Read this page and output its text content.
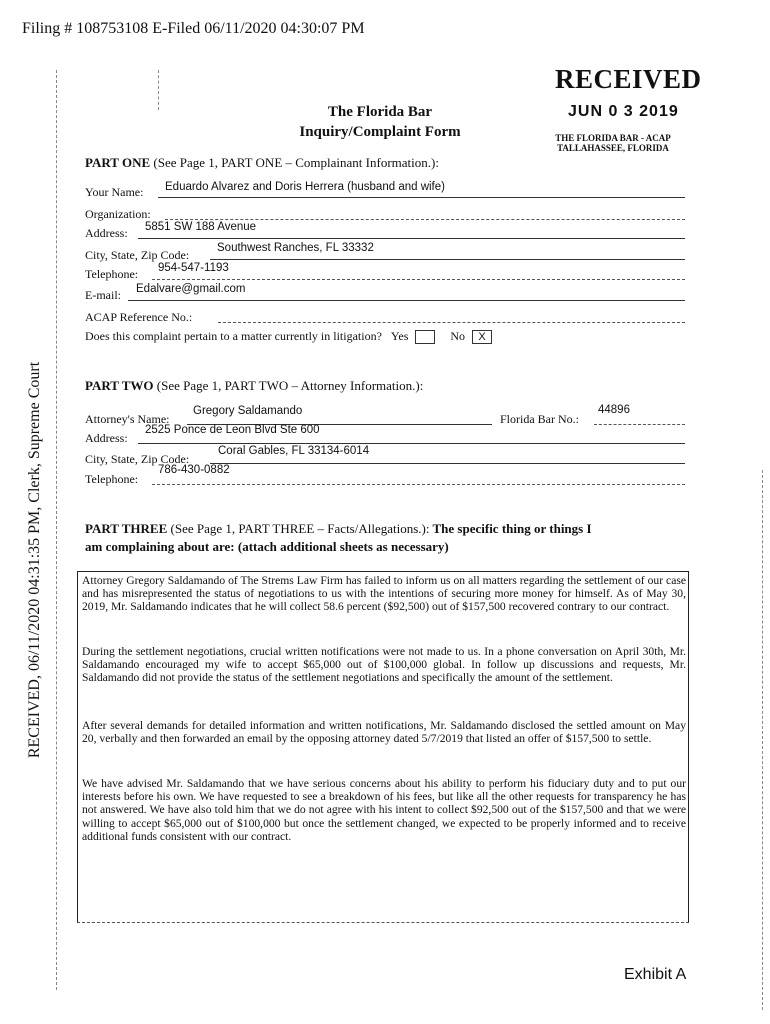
Filing # 108753108 E-Filed 06/11/2020 04:30:07 PM
RECEIVED, 06/11/2020 04:31:35 PM, Clerk, Supreme Court
RECEIVED
JUN 0 3 2019
THE FLORIDA BAR - ACAP
TALLAHASSEE, FLORIDA
The Florida Bar
Inquiry/Complaint Form
PART ONE (See Page 1, PART ONE – Complainant Information.):
Your Name: Eduardo Alvarez and Doris Herrera (husband and wife)
Organization:
Address: 5851 SW 188 Avenue
City, State, Zip Code: Southwest Ranches, FL 33332
Telephone: 954-547-1193
E-mail: Edalvare@gmail.com
ACAP Reference No.:
Does this complaint pertain to a matter currently in litigation? Yes	No X
PART TWO (See Page 1, PART TWO – Attorney Information.):
Attorney's Name:
Gregory Saldamando
Florida Bar No.:
44896
Address:
2525 Ponce de Leon Blvd Ste 600
City, State, Zip Code:
Coral Gables, FL 33134-6014
Telephone:
786-430-0882
PART THREE (See Page 1, PART THREE – Facts/Allegations.): The specific thing or things I
am complaining about are: (attach additional sheets as necessary)
Attorney Gregory Saldamando of The Strems Law Firm has failed to inform us on all matters regarding the settlement of our case and has misrepresented the status of negotiations to us with the intentions of securing more money for himself. As of May 30, 2019, Mr. Saldamando indicates that he will collect 58.6 percent ($92,500) out of $157,500 recovered contrary to our contract.
During the settlement negotiations, crucial written notifications were not made to us. In a phone conversation on April 30th, Mr. Saldamando encouraged my wife to accept $65,000 out of $100,000 global. In follow up discussions and requests, Mr. Saldamando did not provide the status of the settlement negotiations and specifically the amount of the settlement.
After several demands for detailed information and written notifications, Mr. Saldamando disclosed the settled amount on May 20, verbally and then forwarded an email by the opposing attorney dated 5/7/2019 that listed an offer of $157,500 to settle.
We have advised Mr. Saldamando that we have serious concerns about his ability to perform his fiduciary duty and to put our interests before his own. We have requested to see a breakdown of his fees, but like all the other requests for transparency he has not answered. We have also told him that we do not agree with his intent to collect $92,500 out of the $157,500 and that we were willing to accept $65,000 out of $100,000 but once the settlement changed, we expected to be properly informed and to receive additional funds consistent with our contract.
Exhibit A
